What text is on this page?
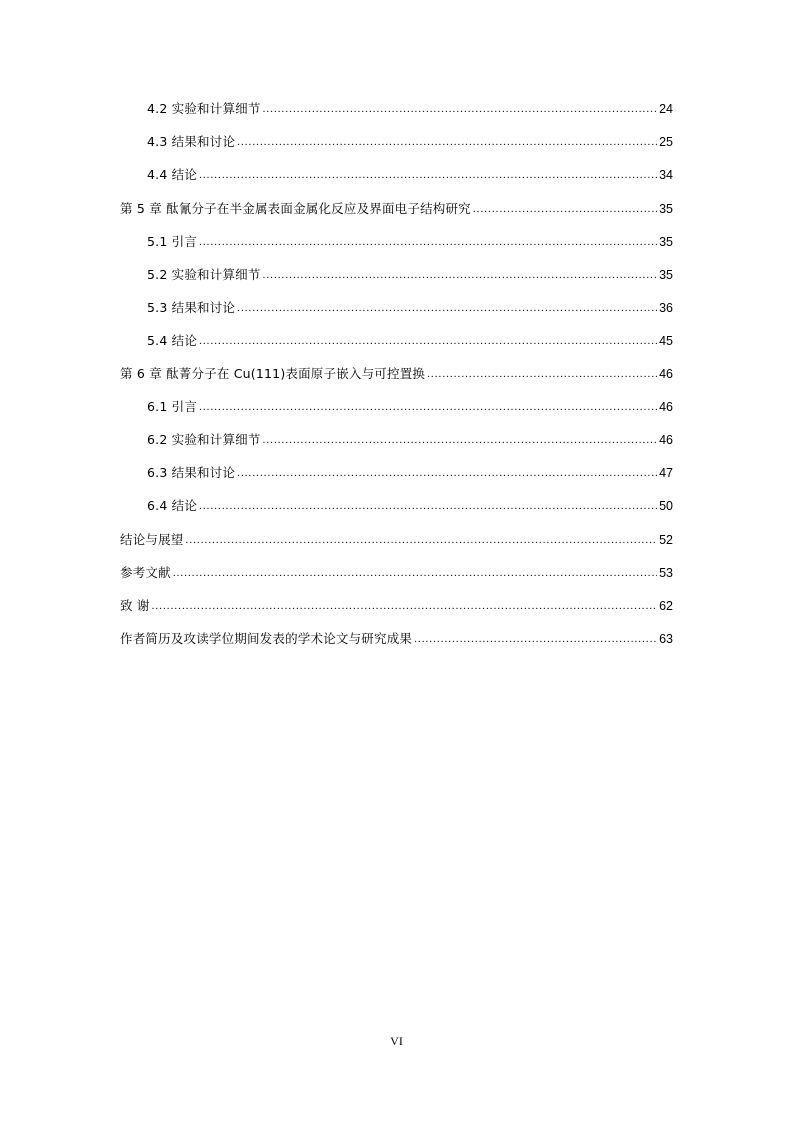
4.2 实验和计算细节 .....	24
4.3 结果和讨论 .....	25
4.4 结论 .....	34
第 5 章 酞氰分子在半金属表面金属化反应及界面电子结构研究 .....	35
5.1 引言 .....	35
5.2 实验和计算细节 .....	35
5.3 结果和讨论 .....	36
5.4 结论 .....	45
第 6 章 酞菁分子在 Cu(111)表面原子嵌入与可控置换 .....	46
6.1 引言 .....	46
6.2 实验和计算细节 .....	46
6.3 结果和讨论 .....	47
6.4 结论 .....	50
结论与展望 .....	52
参考文献 .....	53
致 谢 .....	62
作者简历及攻读学位期间发表的学术论文与研究成果 .....	63
VI
